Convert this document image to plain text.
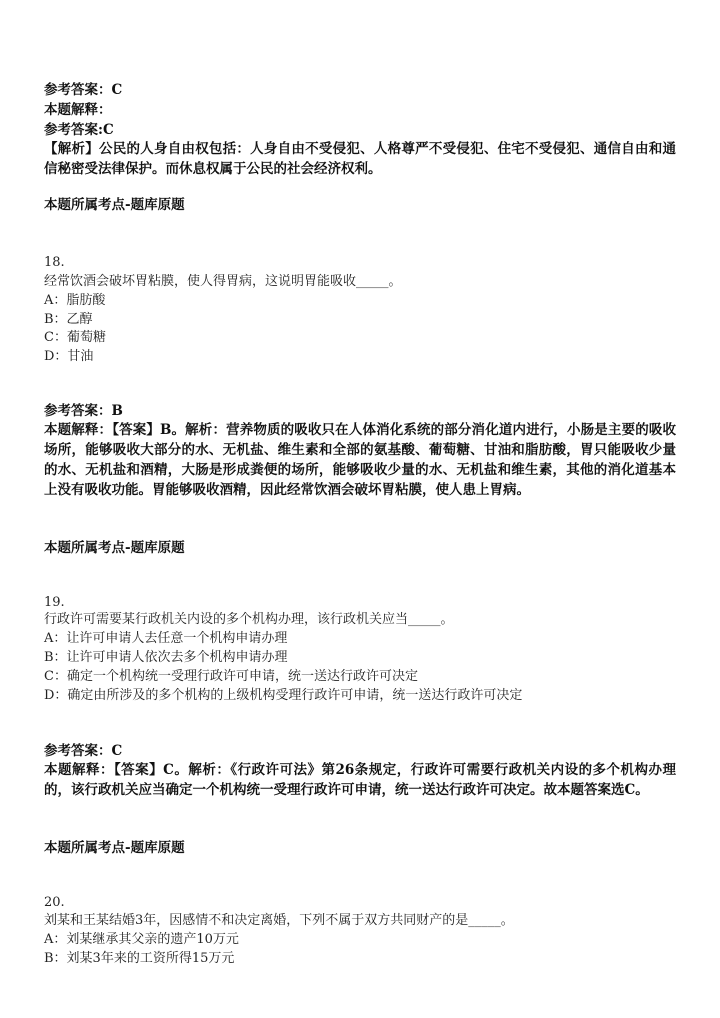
参考答案：C
本题解释：
参考答案:C
【解析】公民的人身自由权包括：人身自由不受侵犯、人格尊严不受侵犯、住宅不受侵犯、通信自由和通信秘密受法律保护。而休息权属于公民的社会经济权利。
本题所属考点-题库原题
18.
经常饮酒会破坏胃粘膜，使人得胃病，这说明胃能吸收_____。
A：脂肪酸
B：乙醇
C：葡萄糖
D：甘油
参考答案：B
本题解释：【答案】B。解析：营养物质的吸收只在人体消化系统的部分消化道内进行，小肠是主要的吸收场所，能够吸收大部分的水、无机盐、维生素和全部的氨基酸、葡萄糖、甘油和脂肪酸，胃只能吸收少量的水、无机盐和酒精，大肠是形成粪便的场所，能够吸收少量的水、无机盐和维生素，其他的消化道基本上没有吸收功能。胃能够吸收酒精，因此经常饮酒会破坏胃粘膜，使人患上胃病。
本题所属考点-题库原题
19.
行政许可需要某行政机关内设的多个机构办理，该行政机关应当_____。
A：让许可申请人去任意一个机构申请办理
B：让许可申请人依次去多个机构申请办理
C：确定一个机构统一受理行政许可申请，统一送达行政许可决定
D：确定由所涉及的多个机构的上级机构受理行政许可申请，统一送达行政许可决定
参考答案：C
本题解释：【答案】C。解析：《行政许可法》第26条规定，行政许可需要行政机关内设的多个机构办理的，该行政机关应当确定一个机构统一受理行政许可申请，统一送达行政许可决定。故本题答案选C。
本题所属考点-题库原题
20.
刘某和王某结婚3年，因感情不和决定离婚，下列不属于双方共同财产的是_____。
A：刘某继承其父亲的遗产10万元
B：刘某3年来的工资所得15万元
